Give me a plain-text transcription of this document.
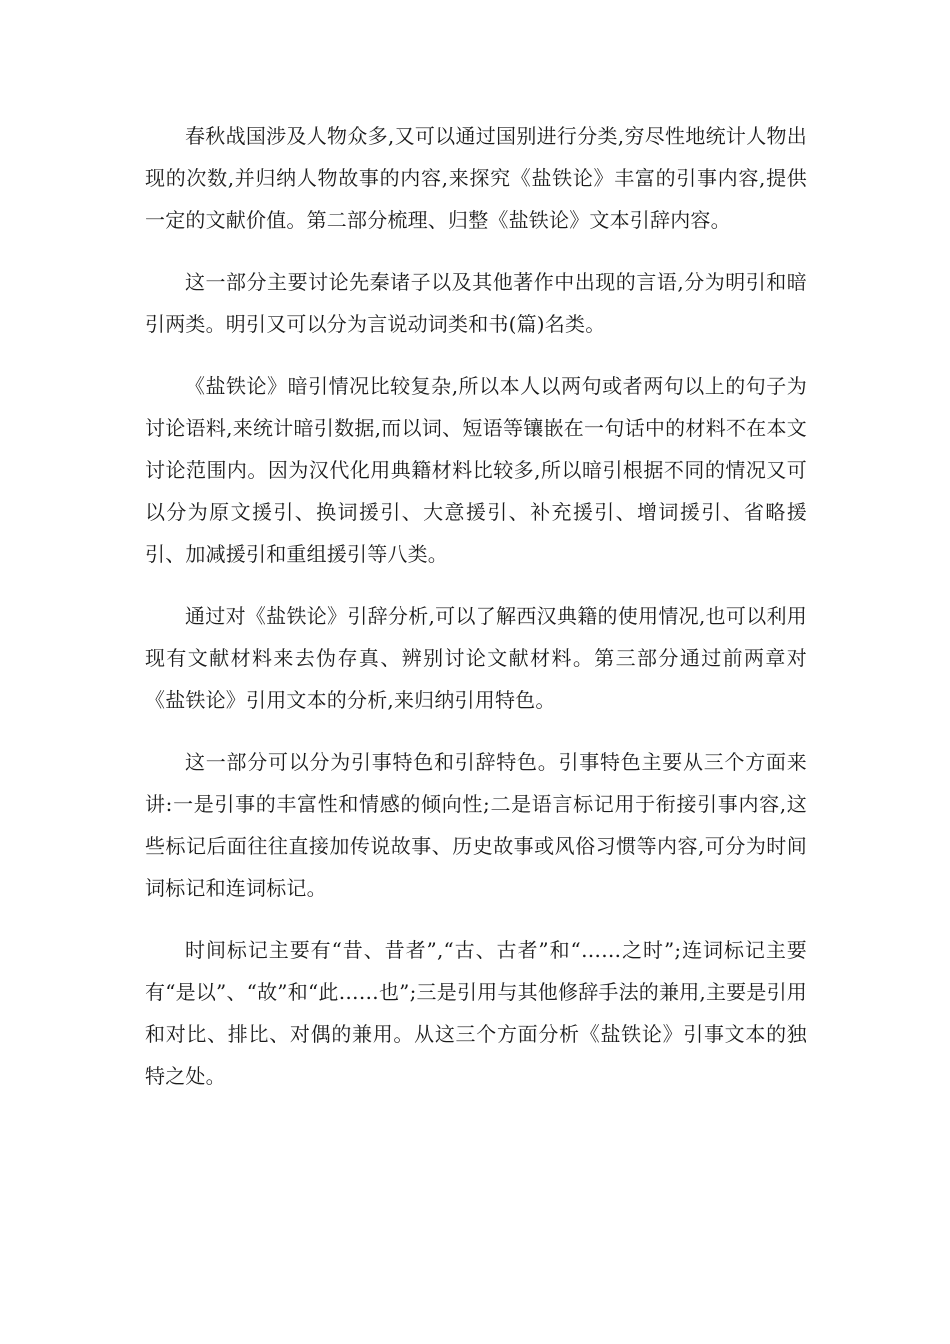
春秋战国涉及人物众多,又可以通过国别进行分类,穷尽性地统计人物出现的次数,并归纳人物故事的内容,来探究《盐铁论》丰富的引事内容,提供一定的文献价值。第二部分梳理、归整《盐铁论》文本引辞内容。

这一部分主要讨论先秦诸子以及其他著作中出现的言语,分为明引和暗引两类。明引又可以分为言说动词类和书(篇)名类。

《盐铁论》暗引情况比较复杂,所以本人以两句或者两句以上的句子为讨论语料,来统计暗引数据,而以词、短语等镶嵌在一句话中的材料不在本文讨论范围内。因为汉代化用典籍材料比较多,所以暗引根据不同的情况又可以分为原文援引、换词援引、大意援引、补充援引、增词援引、省略援引、加减援引和重组援引等八类。

通过对《盐铁论》引辞分析,可以了解西汉典籍的使用情况,也可以利用现有文献材料来去伪存真、辨别讨论文献材料。第三部分通过前两章对《盐铁论》引用文本的分析,来归纳引用特色。

这一部分可以分为引事特色和引辞特色。引事特色主要从三个方面来讲:一是引事的丰富性和情感的倾向性;二是语言标记用于衔接引事内容,这些标记后面往往直接加传说故事、历史故事或风俗习惯等内容,可分为时间词标记和连词标记。

时间标记主要有“昔、昔者”,“古、古者”和“……之时”;连词标记主要有“是以”、“故”和“此……也”;三是引用与其他修辞手法的兼用,主要是引用和对比、排比、对偶的兼用。从这三个方面分析《盐铁论》引事文本的独特之处。
